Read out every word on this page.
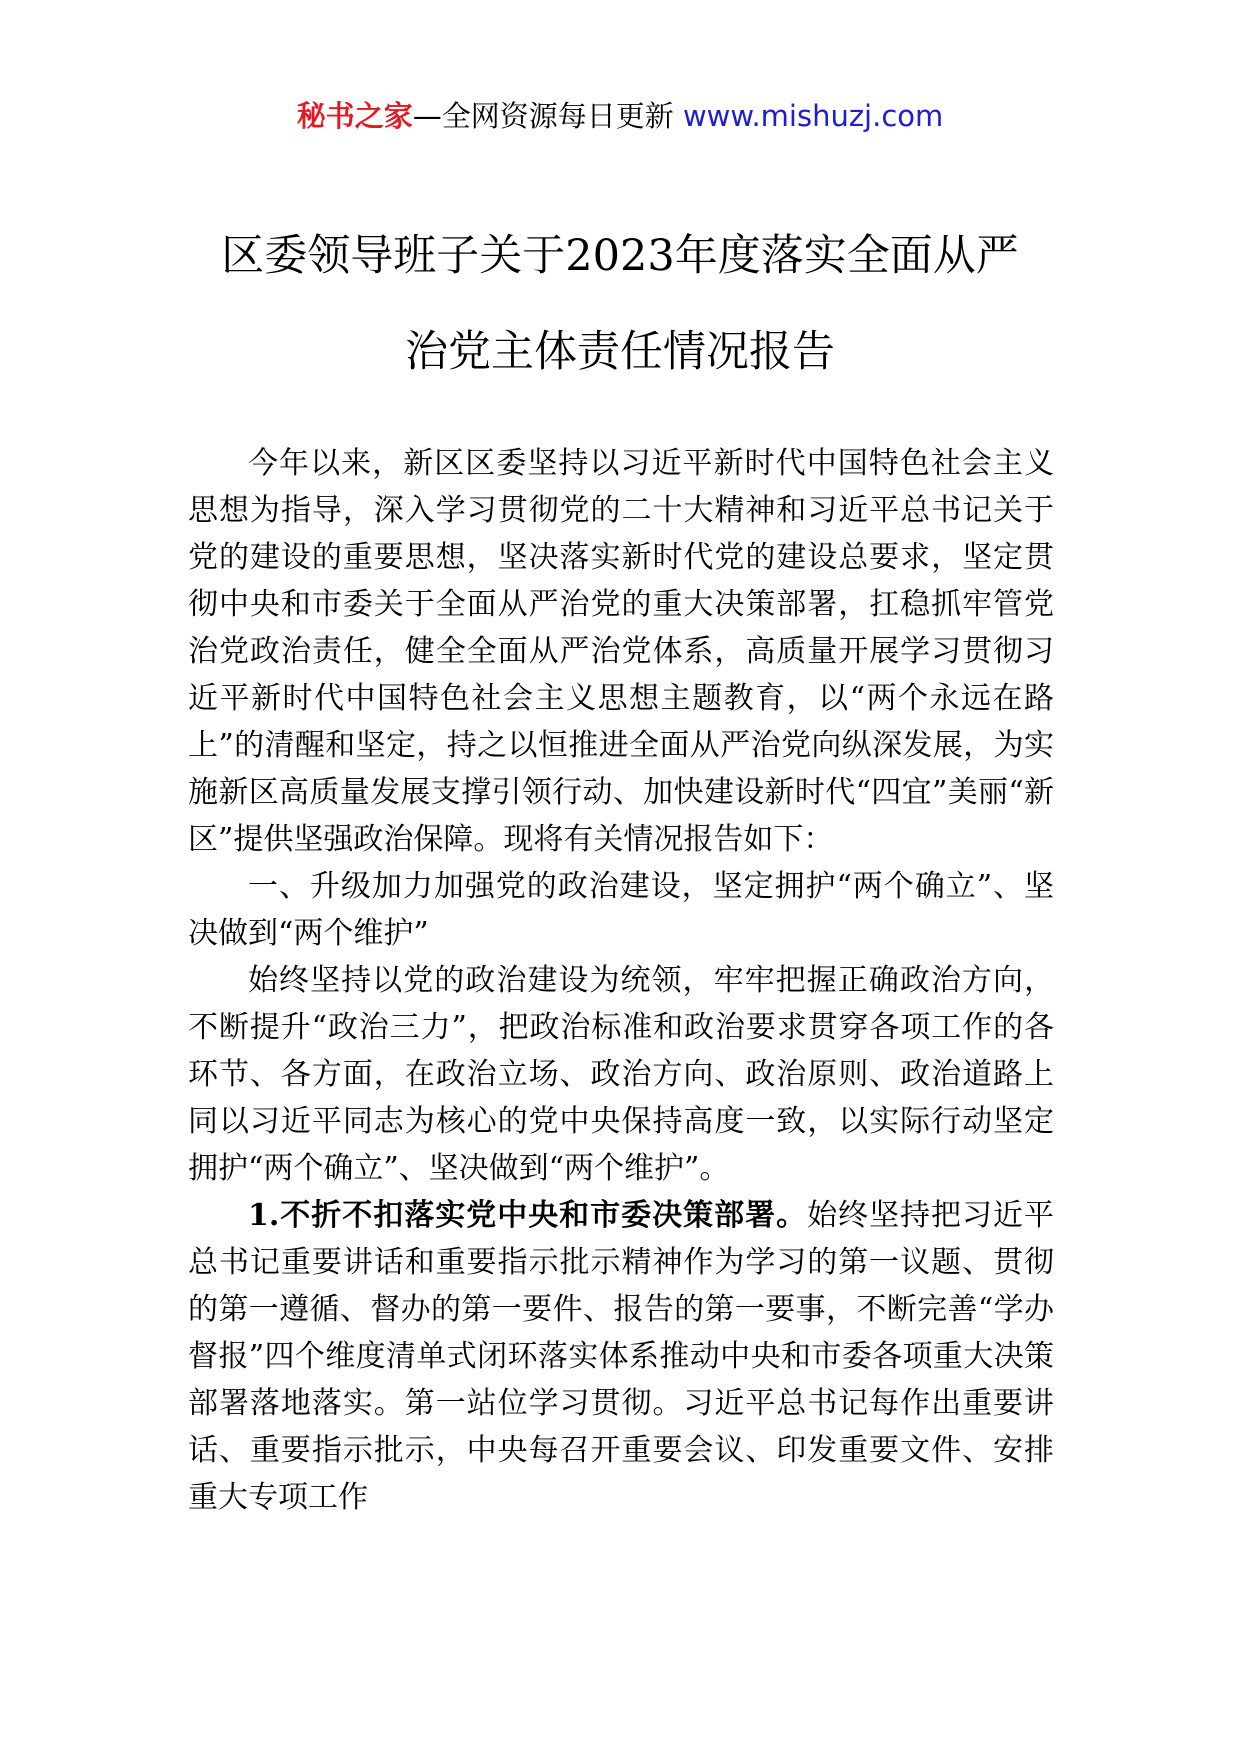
秘书之家—全网资源每日更新 www.mishuzj.com
区委领导班子关于2023年度落实全面从严
治党主体责任情况报告

今年以来，新区区委坚持以习近平新时代中国特色社会主义思想为指导，深入学习贯彻党的二十大精神和习近平总书记关于党的建设的重要思想，坚决落实新时代党的建设总要求，坚定贯彻中央和市委关于全面从严治党的重大决策部署，扛稳抓牢管党治党政治责任，健全全面从严治党体系，高质量开展学习贯彻习近平新时代中国特色社会主义思想主题教育，以“两个永远在路上”的清醒和坚定，持之以恒推进全面从严治党向纵深发展，为实施新区高质量发展支撑引领行动、加快建设新时代“四宜”美丽“新区”提供坚强政治保障。现将有关情况报告如下：

一、升级加力加强党的政治建设，坚定拥护“两个确立”、坚决做到“两个维护”

始终坚持以党的政治建设为统领，牢牢把握正确政治方向，不断提升“政治三力”，把政治标准和政治要求贯穿各项工作的各环节、各方面，在政治立场、政治方向、政治原则、政治道路上同以习近平同志为核心的党中央保持高度一致，以实际行动坚定拥护“两个确立”、坚决做到“两个维护”。

1.不折不扣落实党中央和市委决策部署。始终坚持把习近平总书记重要讲话和重要指示批示精神作为学习的第一议题、贯彻的第一遵循、督办的第一要件、报告的第一要事，不断完善“学办督报”四个维度清单式闭环落实体系推动中央和市委各项重大决策部署落地落实。第一站位学习贯彻。习近平总书记每作出重要讲话、重要指示批示，中央每召开重要会议、印发重要文件、安排重大专项工作
